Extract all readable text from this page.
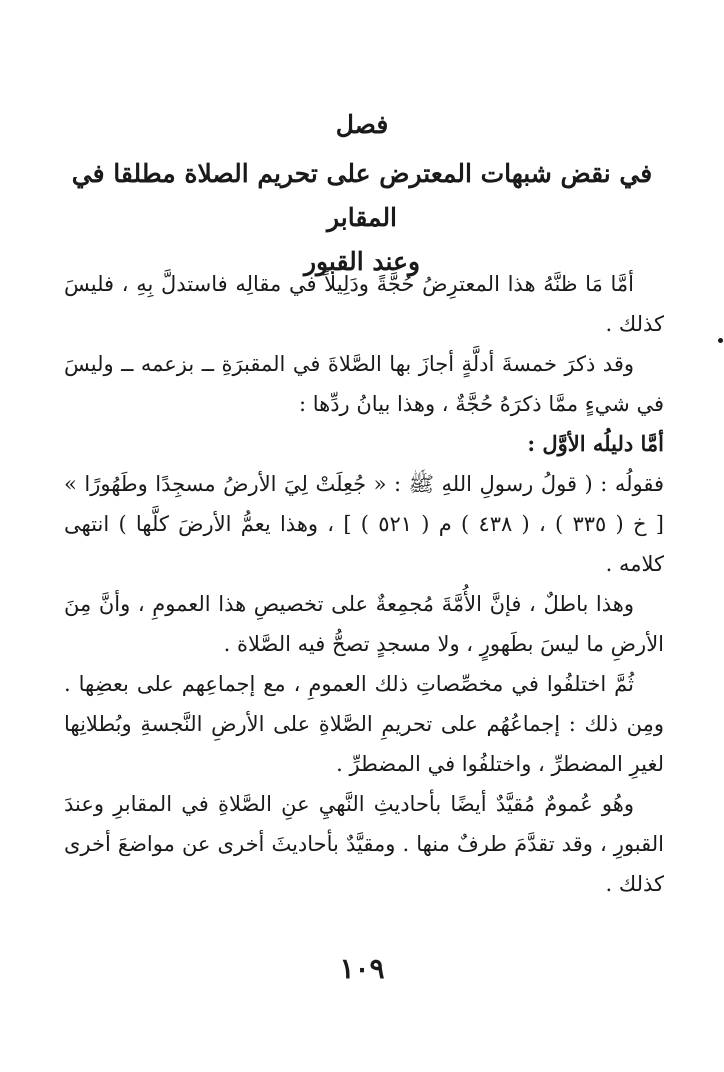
فصل
في نقض شبهات المعترض على تحريم الصلاة مطلقا في المقابر
وعند القبور

أمَّا مَا ظنَّهُ هذا المعترِضُ حُجَّةً ودَلِيلاً في مقالِه فاستدلَّ بِهِ ، فليسَ كذلك .

وقد ذكرَ خمسةَ أدلَّةٍ أجازَ بها الصَّلاةَ في المقبرَةِ ــ بزعمه ــ وليسَ في شيءٍ ممَّا ذكرَهُ حُجَّةٌ ، وهذا بيانُ ردِّها :

أمَّا دليلُه الأوَّل :

فقولُه : ( قولُ رسولِ اللهِ ﷺ : « جُعِلَتْ لِيَ الأرضُ مسجِدًا وطَهُورًا » [ خ ( ٣٣٥ ) ، ( ٤٣٨ ) م ( ٥٢١ ) ] ، وهذا يعمُّ الأرضَ كلَّها ) انتهى كلامه .

وهذا باطلٌ ، فإنَّ الأُمَّةَ مُجمِعةٌ على تخصيصِ هذا العمومِ ، وأنَّ مِنَ الأرضِ ما ليسَ بطَهورٍ ، ولا مسجدٍ تصحُّ فيه الصَّلاة .

ثُمَّ اختلفُوا في مخصِّصاتِ ذلك العمومِ ، مع إجماعِهم على بعضِها . ومِن ذلك : إجماعُهُم على تحريمِ الصَّلاةِ على الأرضِ النَّجسةِ وبُطلانِها لغيرِ المضطرِّ ، واختلفُوا في المضطرِّ .

وهُو عُمومٌ مُقيَّدٌ أيضًا بأحاديثِ النَّهيِ عنِ الصَّلاةِ في المقابرِ وعندَ القبورِ ، وقد تقدَّمَ طرفٌ منها . ومقيَّدٌ بأحاديثَ أخرى عن مواضعَ أخرى كذلك .

١٠٩
